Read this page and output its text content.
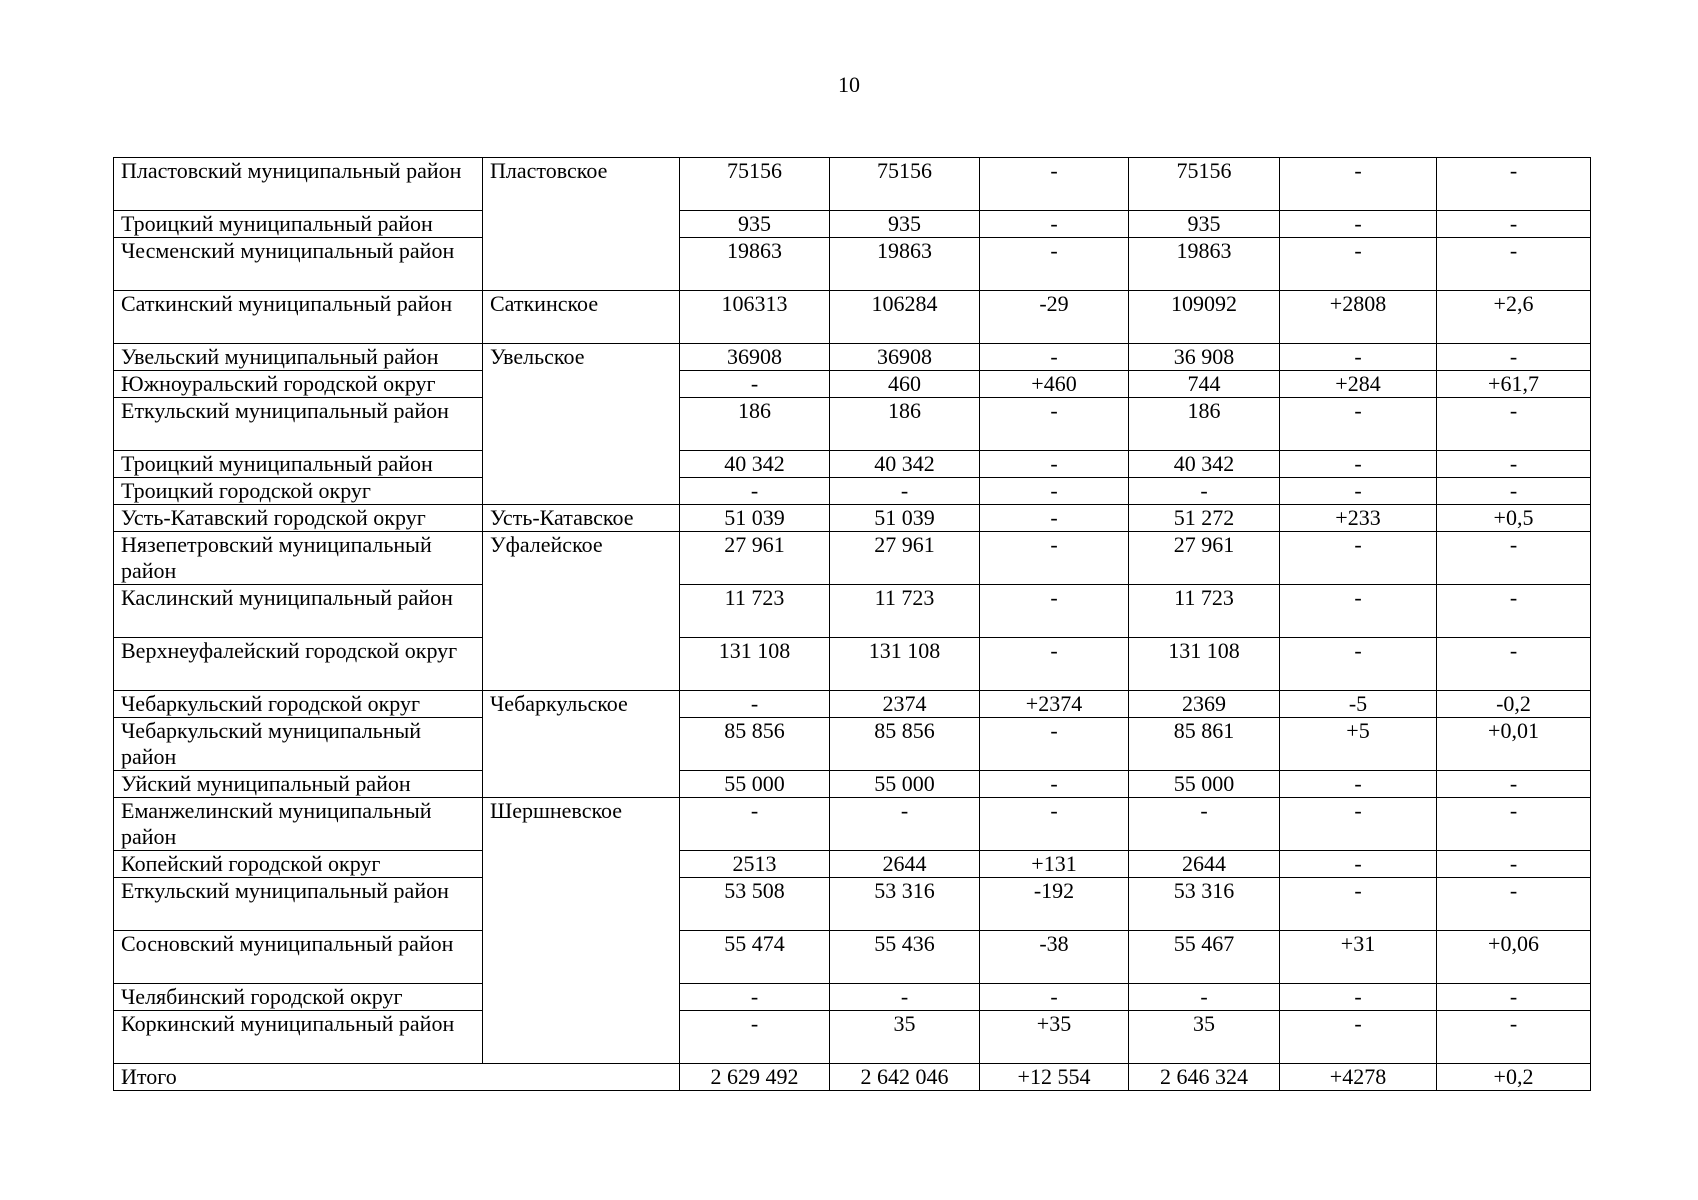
10
Пластовский муниципальный район	Пластовское	75156	75156	-	75156	-	-
Троицкий муниципальный район		935	935	-	935	-	-
Чесменский муниципальный район		19863	19863	-	19863	-	-
Саткинский муниципальный район	Саткинское	106313	106284	-29	109092	+2808	+2,6
Увельский муниципальный район	Увельское	36908	36908	-	36 908	-	-
Южноуральский городской округ		-	460	+460	744	+284	+61,7
Еткульский муниципальный район		186	186	-	186	-	-
Троицкий муниципальный район		40 342	40 342	-	40 342	-	-
Троицкий городской округ		-	-	-	-	-	-
Усть-Катавский городской округ	Усть-Катавское	51 039	51 039	-	51 272	+233	+0,5
Нязепетровский муниципальный район	Уфалейское	27 961	27 961	-	27 961	-	-
Каслинский муниципальный район		11 723	11 723	-	11 723	-	-
Верхнеуфалейский городской округ		131 108	131 108	-	131 108	-	-
Чебаркульский городской округ	Чебаркульское	-	2374	+2374	2369	-5	-0,2
Чебаркульский муниципальный район		85 856	85 856	-	85 861	+5	+0,01
Уйский муниципальный район		55 000	55 000	-	55 000	-	-
Еманжелинский муниципальный район	Шершневское	-	-	-	-	-	-
Копейский городской округ		2513	2644	+131	2644	-	-
Еткульский муниципальный район		53 508	53 316	-192	53 316	-	-
Сосновский муниципальный район		55 474	55 436	-38	55 467	+31	+0,06
Челябинский городской округ		-	-	-	-	-	-
Коркинский муниципальный район		-	35	+35	35	-	-
Итого		2 629 492	2 642 046	+12 554	2 646 324	+4278	+0,2
